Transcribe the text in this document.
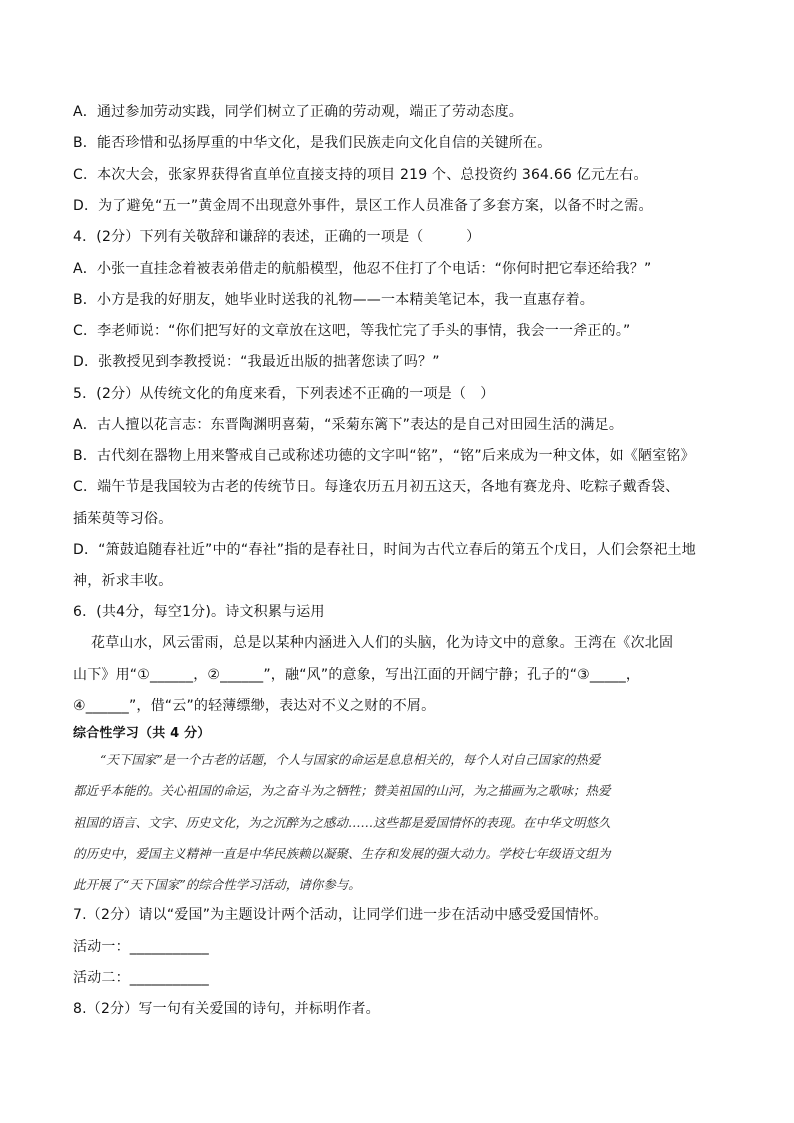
A．通过参加劳动实践，同学们树立了正确的劳动观，端正了劳动态度。
B．能否珍惜和弘扬厚重的中华文化，是我们民族走向文化自信的关键所在。
C．本次大会，张家界获得省直单位直接支持的项目 219 个、总投资约 364.66 亿元左右。
D．为了避免“五一”黄金周不出现意外事件，景区工作人员准备了多套方案，以备不时之需。
4．(2分）下列有关敬辞和谦辞的表述，正确的一项是（　　　）
A．小张一直挂念着被表弟借走的航船模型，他忍不住打了个电话：“你何时把它奉还给我？”
B．小方是我的好朋友，她毕业时送我的礼物——一本精美笔记本，我一直惠存着。
C．李老师说：“你们把写好的文章放在这吧，等我忙完了手头的事情，我会一一斧正的。”
D．张教授见到李教授说：“我最近出版的拙著您读了吗？”
5．(2分）从传统文化的角度来看，下列表述不正确的一项是（　）
A．古人擅以花言志：东晋陶渊明喜菊，“采菊东篱下”表达的是自己对田园生活的满足。
B．古代刻在器物上用来警戒自己或称述功德的文字叫“铭”，“铭”后来成为一种文体，如《陋室铭》
C．端午节是我国较为古老的传统节日。每逢农历五月初五这天，各地有赛龙舟、吃粽子戴香袋、
插茱萸等习俗。
D．“箫鼓追随春社近”中的“春社”指的是春社日，时间为古代立春后的第五个戊日，人们会祭祀土地
神，祈求丰收。
6．(共4分，每空1分)。诗文积累与运用
花草山水，风云雷雨，总是以某种内涵进入人们的头脑，化为诗文中的意象。王湾在《次北固
山下》用“①______，②______”，融“风”的意象，写出江面的开阔宁静；孔子的“③_____，
④______”，借“云”的轻薄缥缈，表达对不义之财的不屑。
综合性学习（共 4 分）
“天下国家”是一个古老的话题，个人与国家的命运是息息相关的，每个人对自己国家的热爱
都近乎本能的。关心祖国的命运，为之奋斗为之牺牲；赞美祖国的山河，为之描画为之歌咏；热爱
祖国的语言、文字、历史文化，为之沉醉为之感动……这些都是爱国情怀的表现。在中华文明悠久
的历史中，爱国主义精神一直是中华民族赖以凝聚、生存和发展的强大动力。学校七年级语文组为
此开展了“天下国家”的综合性学习活动，请你参与。
7.（2分）请以“爱国”为主题设计两个活动，让同学们进一步在活动中感受爱国情怀。
活动一：___________
活动二：___________
8.（2分）写一句有关爱国的诗句，并标明作者。
